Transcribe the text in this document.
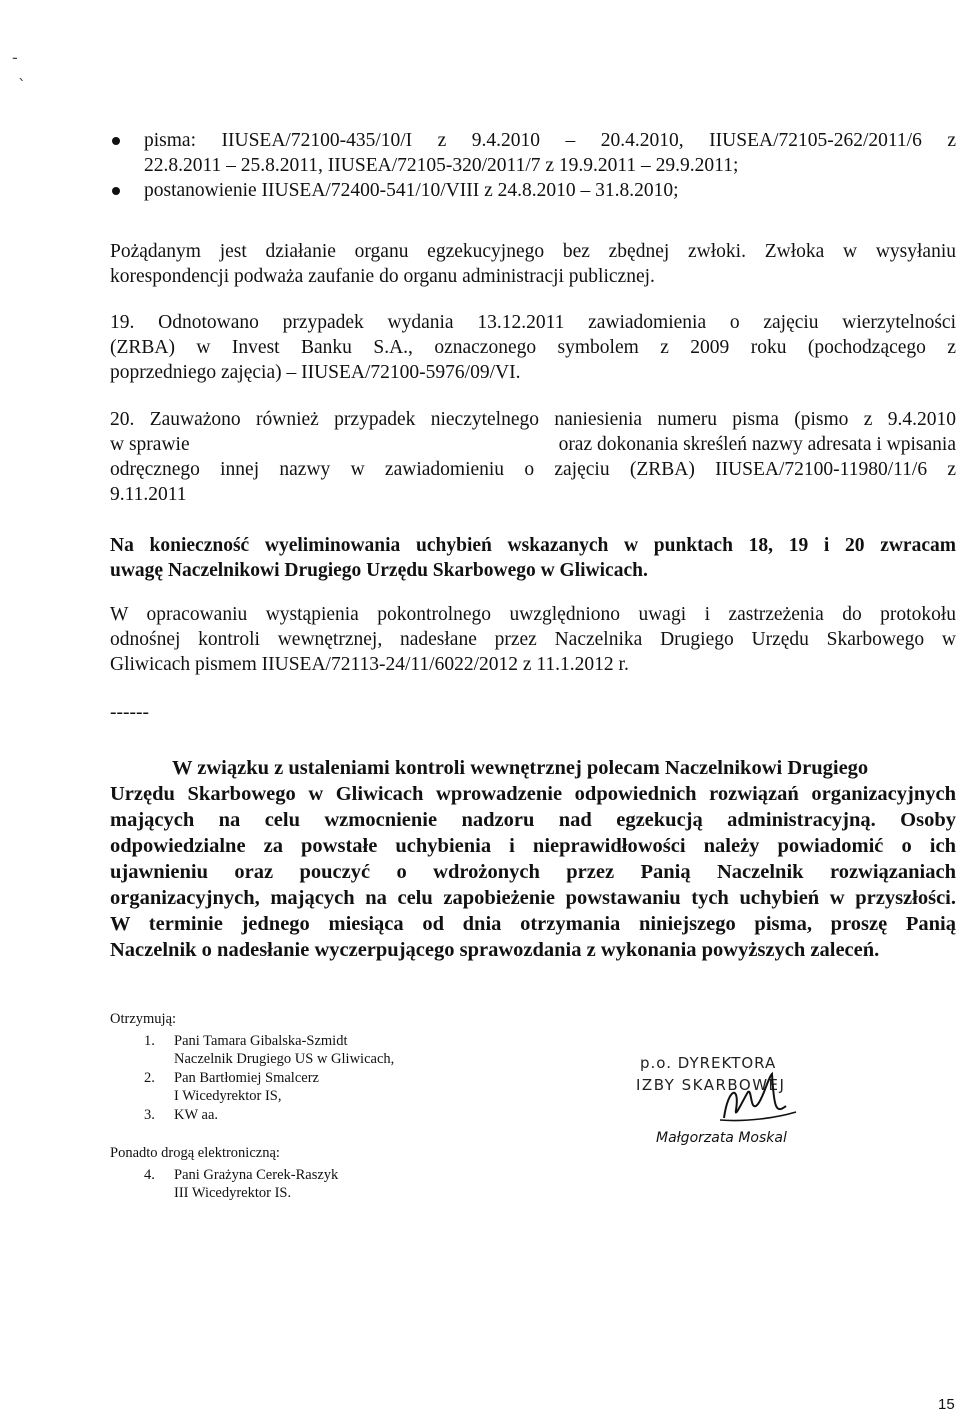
-
ˎ
pisma: IIUSEA/72100-435/10/I z 9.4.2010 – 20.4.2010, IIUSEA/72105-262/2011/6 z
22.8.2011 – 25.8.2011, IIUSEA/72105-320/2011/7 z 19.9.2011 – 29.9.2011;
postanowienie IIUSEA/72400-541/10/VIII z 24.8.2010 – 31.8.2010;
Pożądanym jest działanie organu egzekucyjnego bez zbędnej zwłoki. Zwłoka w wysyłaniu
korespondencji podważa zaufanie do organu administracji publicznej.
19. Odnotowano przypadek wydania 13.12.2011 zawiadomienia o zajęciu wierzytelności
(ZRBA) w Invest Banku S.A., oznaczonego symbolem z 2009 roku (pochodzącego z
poprzedniego zajęcia) – IIUSEA/72100-5976/09/VI.
20. Zauważono również przypadek nieczytelnego naniesienia numeru pisma (pismo z 9.4.2010
w sprawie	oraz dokonania skreśleń nazwy adresata i wpisania
odręcznego innej nazwy w zawiadomieniu o zajęciu (ZRBA) IIUSEA/72100-11980/11/6 z
9.11.2011
Na konieczność wyeliminowania uchybień wskazanych w punktach 18, 19 i 20 zwracam
uwagę Naczelnikowi Drugiego Urzędu Skarbowego w Gliwicach.
W opracowaniu wystąpienia pokontrolnego uwzględniono uwagi i zastrzeżenia do protokołu
odnośnej kontroli wewnętrznej, nadesłane przez Naczelnika Drugiego Urzędu Skarbowego w
Gliwicach pismem IIUSEA/72113-24/11/6022/2012 z 11.1.2012 r.
------
W związku z ustaleniami kontroli wewnętrznej polecam Naczelnikowi Drugiego
Urzędu Skarbowego w Gliwicach wprowadzenie odpowiednich rozwiązań organizacyjnych
mających na celu wzmocnienie nadzoru nad egzekucją administracyjną. Osoby
odpowiedzialne za powstałe uchybienia i nieprawidłowości należy powiadomić o ich
ujawnieniu oraz pouczyć o wdrożonych przez Panią Naczelnik rozwiązaniach
organizacyjnych, mających na celu zapobieżenie powstawaniu tych uchybień w przyszłości.
W terminie jednego miesiąca od dnia otrzymania niniejszego pisma, proszę Panią
Naczelnik o nadesłanie wyczerpującego sprawozdania z wykonania powyższych zaleceń.
Otrzymują:
1. Pani Tamara Gibalska-Szmidt
Naczelnik Drugiego US w Gliwicach,
2. Pan Bartłomiej Smalcerz
I Wicedyrektor IS,
3. KW aa.
Ponadto drogą elektroniczną:
4. Pani Grażyna Cerek-Raszyk
III Wicedyrektor IS.
p.o. DYREKTORA
IZBY SKARBOWEJ
Małgorzata Moskal
15
